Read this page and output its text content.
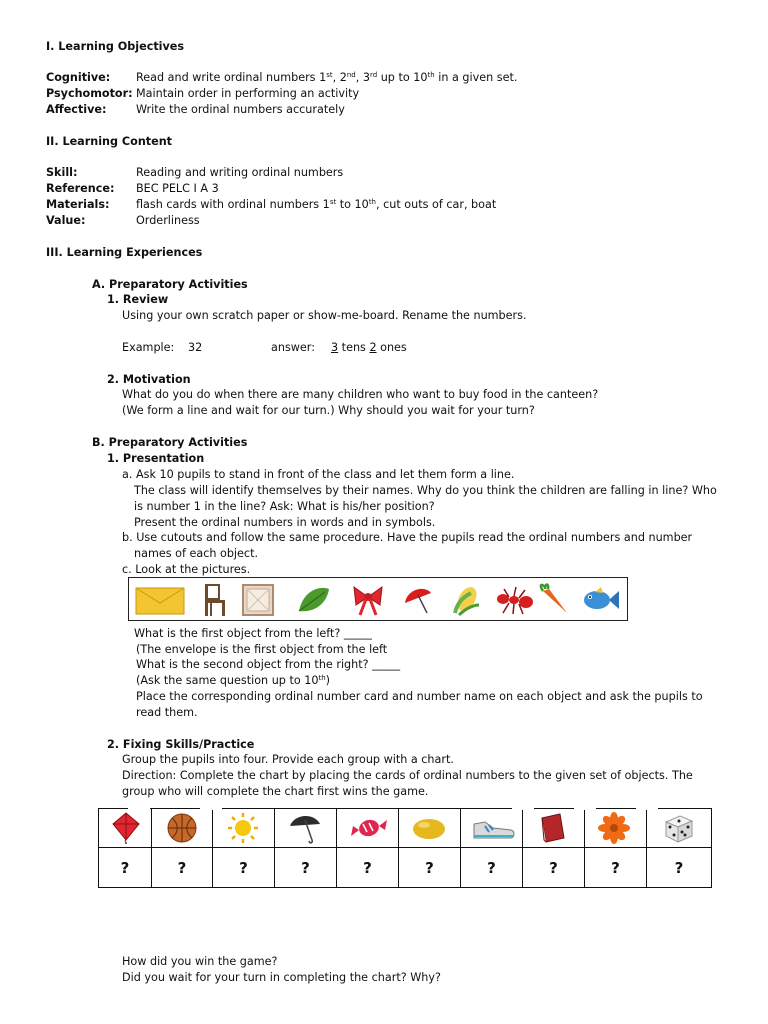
I. Learning Objectives
Cognitive: Read and write ordinal numbers 1st, 2nd, 3rd up to 10th in a given set.
Psychomotor: Maintain order in performing an activity
Affective:	Write the ordinal numbers accurately
II. Learning Content
Skill:	Reading and writing ordinal numbers
Reference: BEC PELC I A 3
Materials: flash cards with ordinal numbers 1st to 10th, cut outs of car, boat
Value:	Orderliness
III. Learning Experiences
A. Preparatory Activities
1. Review
Using your own scratch paper or show-me-board. Rename the numbers.
Example: 32	answer: 3 tens 2 ones
2. Motivation
What do you do when there are many children who want to buy food in the canteen?
(We form a line and wait for our turn.) Why should you wait for your turn?
B. Preparatory Activities
1. Presentation
a. Ask 10 pupils to stand in front of the class and let them form a line.
The class will identify themselves by their names. Why do you think the children are falling in line? Who
is number 1 in the line? Ask: What is his/her position?
Present the ordinal numbers in words and in symbols.
b. Use cutouts and follow the same procedure. Have the pupils read the ordinal numbers and number
names of each object.
c. Look at the pictures.
What is the first object from the left? _____
(The envelope is the first object from the left
What is the second object from the right? _____
(Ask the same question up to 10th)
Place the corresponding ordinal number card and number name on each object and ask the pupils to
read them.
2. Fixing Skills/Practice
Group the pupils into four. Provide each group with a chart.
Direction: Complete the chart by placing the cards of ordinal numbers to the given set of objects. The
group who will complete the chart first wins the game.
?	?	?	?	?	?	?	?	?	?
How did you win the game?
Did you wait for your turn in completing the chart? Why?
